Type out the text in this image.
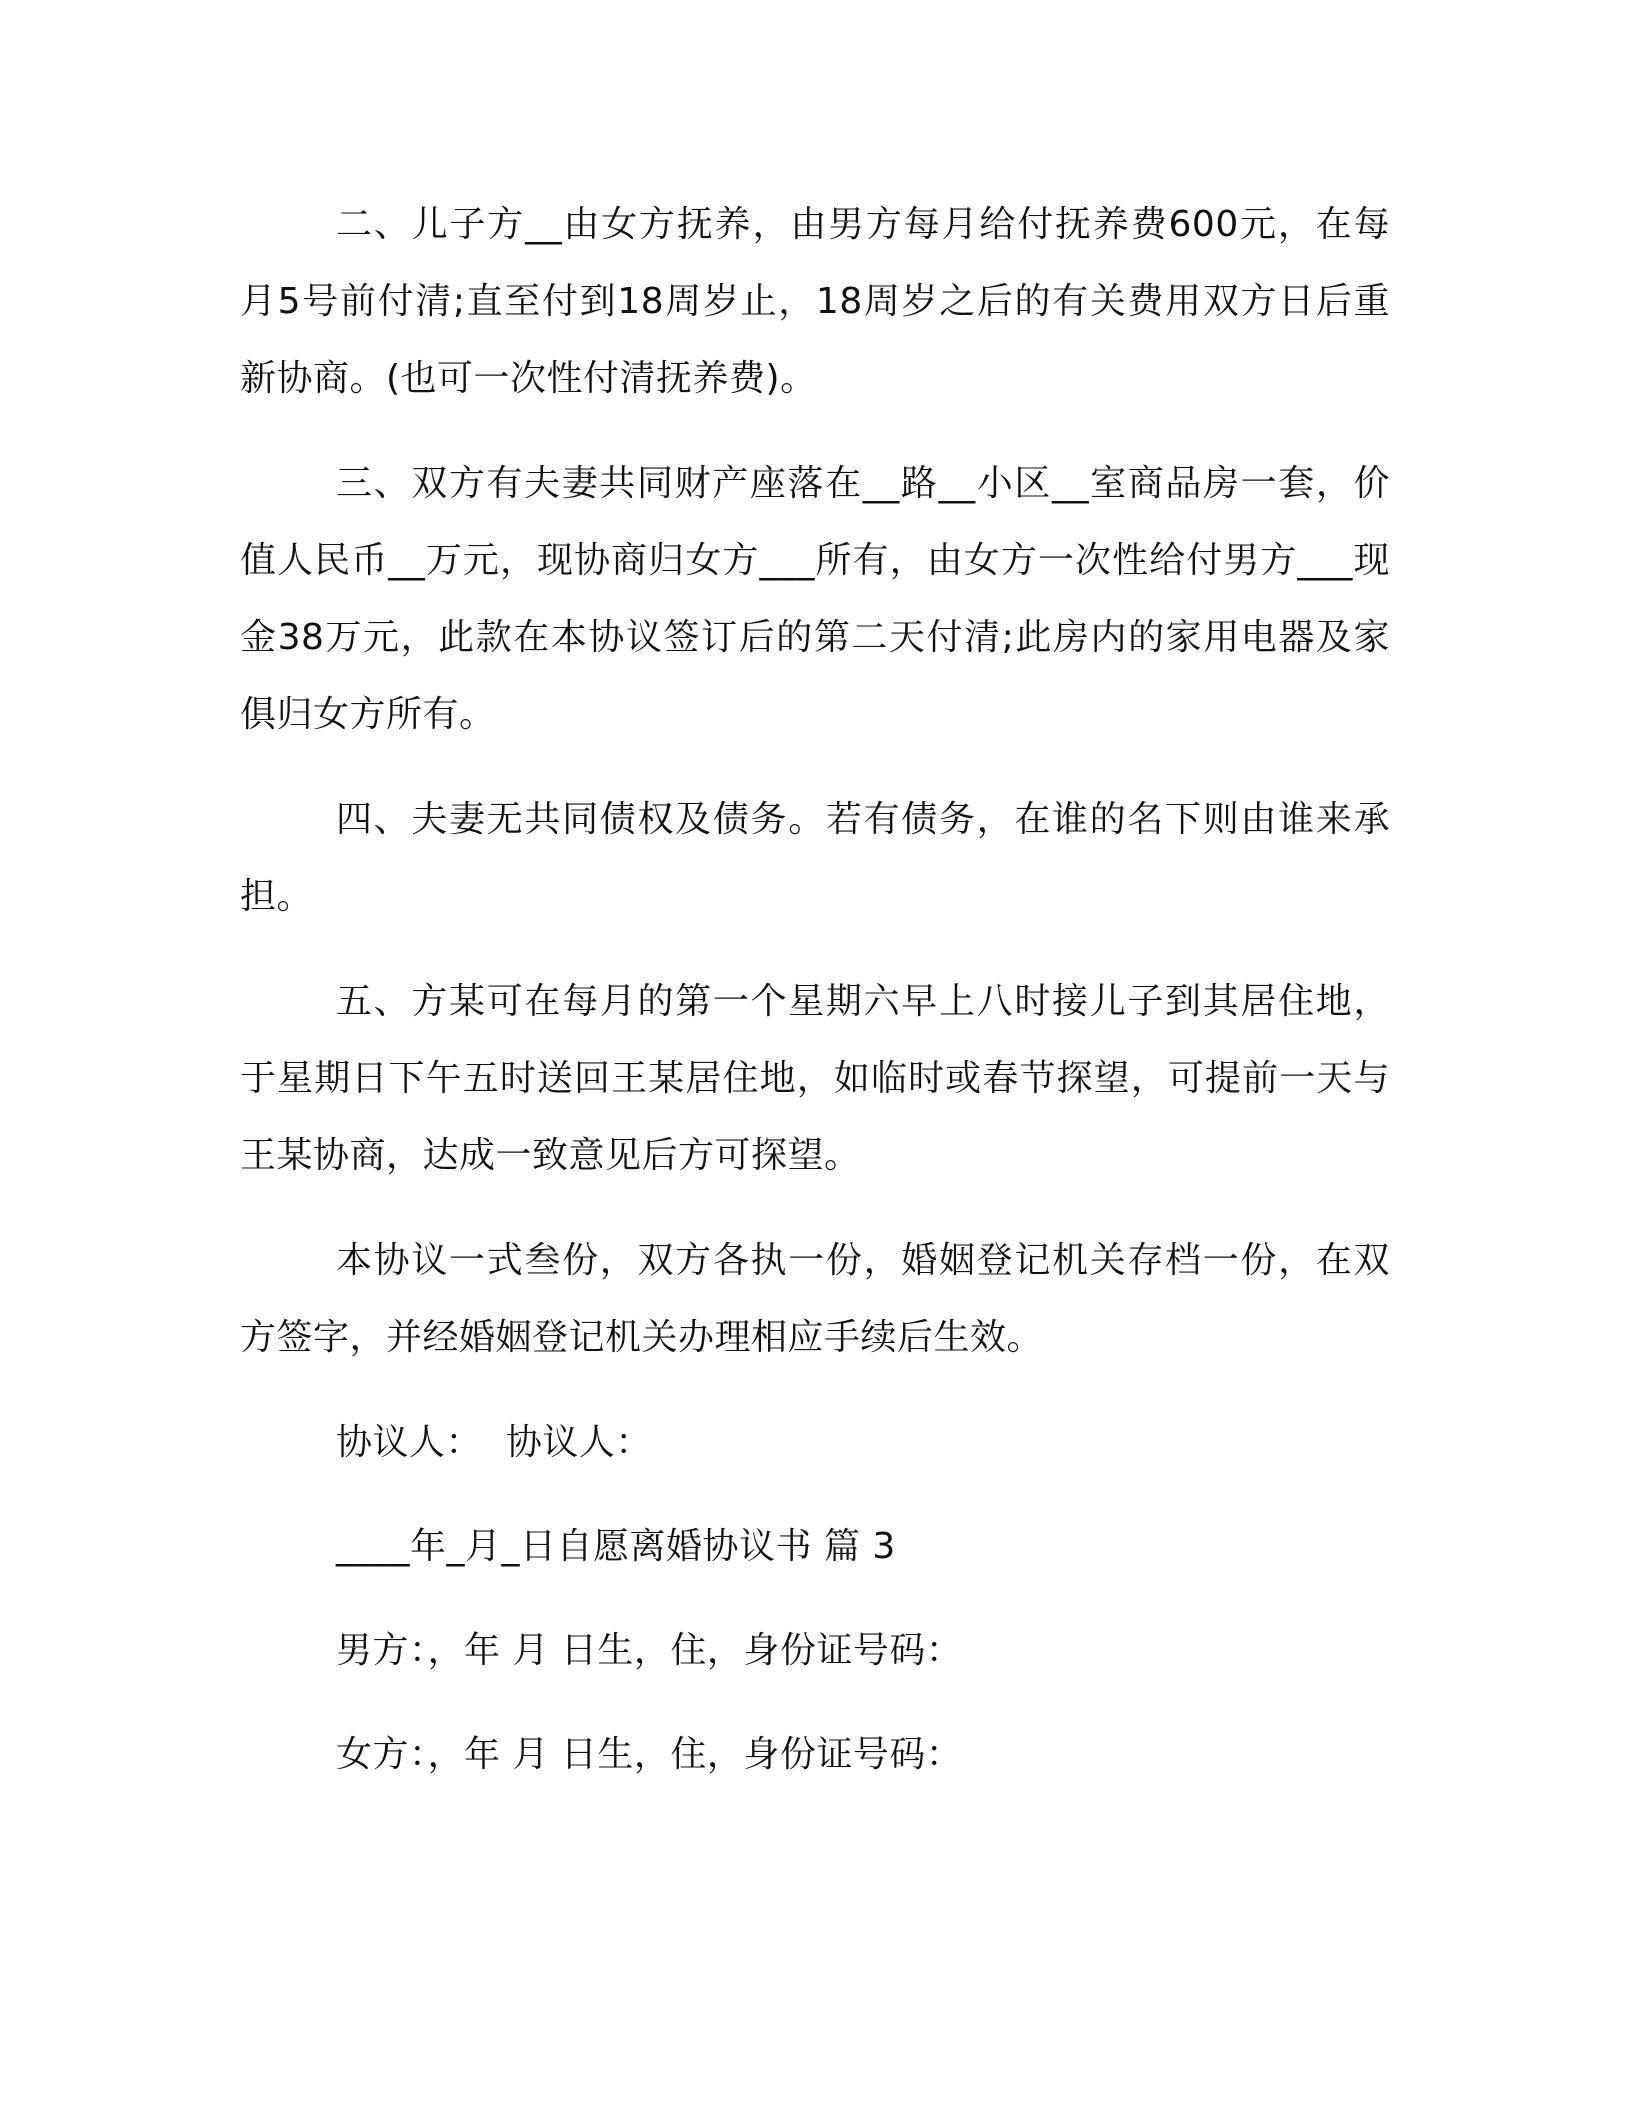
二、儿子方__由女方抚养，由男方每月给付抚养费600元，在每月5号前付清;直至付到18周岁止，18周岁之后的有关费用双方日后重新协商。(也可一次性付清抚养费)。

三、双方有夫妻共同财产座落在__路__小区__室商品房一套，价值人民币__万元，现协商归女方___所有，由女方一次性给付男方___现金38万元，此款在本协议签订后的第二天付清;此房内的家用电器及家俱归女方所有。

四、夫妻无共同债权及债务。若有债务，在谁的名下则由谁来承担。

五、方某可在每月的第一个星期六早上八时接儿子到其居住地，于星期日下午五时送回王某居住地，如临时或春节探望，可提前一天与王某协商，达成一致意见后方可探望。

本协议一式叁份，双方各执一份，婚姻登记机关存档一份，在双方签字，并经婚姻登记机关办理相应手续后生效。

协议人：  协议人：
____年_月_日自愿离婚协议书 篇 3
男方：，年 月 日生，住，身份证号码：
女方：，年 月 日生，住，身份证号码：
